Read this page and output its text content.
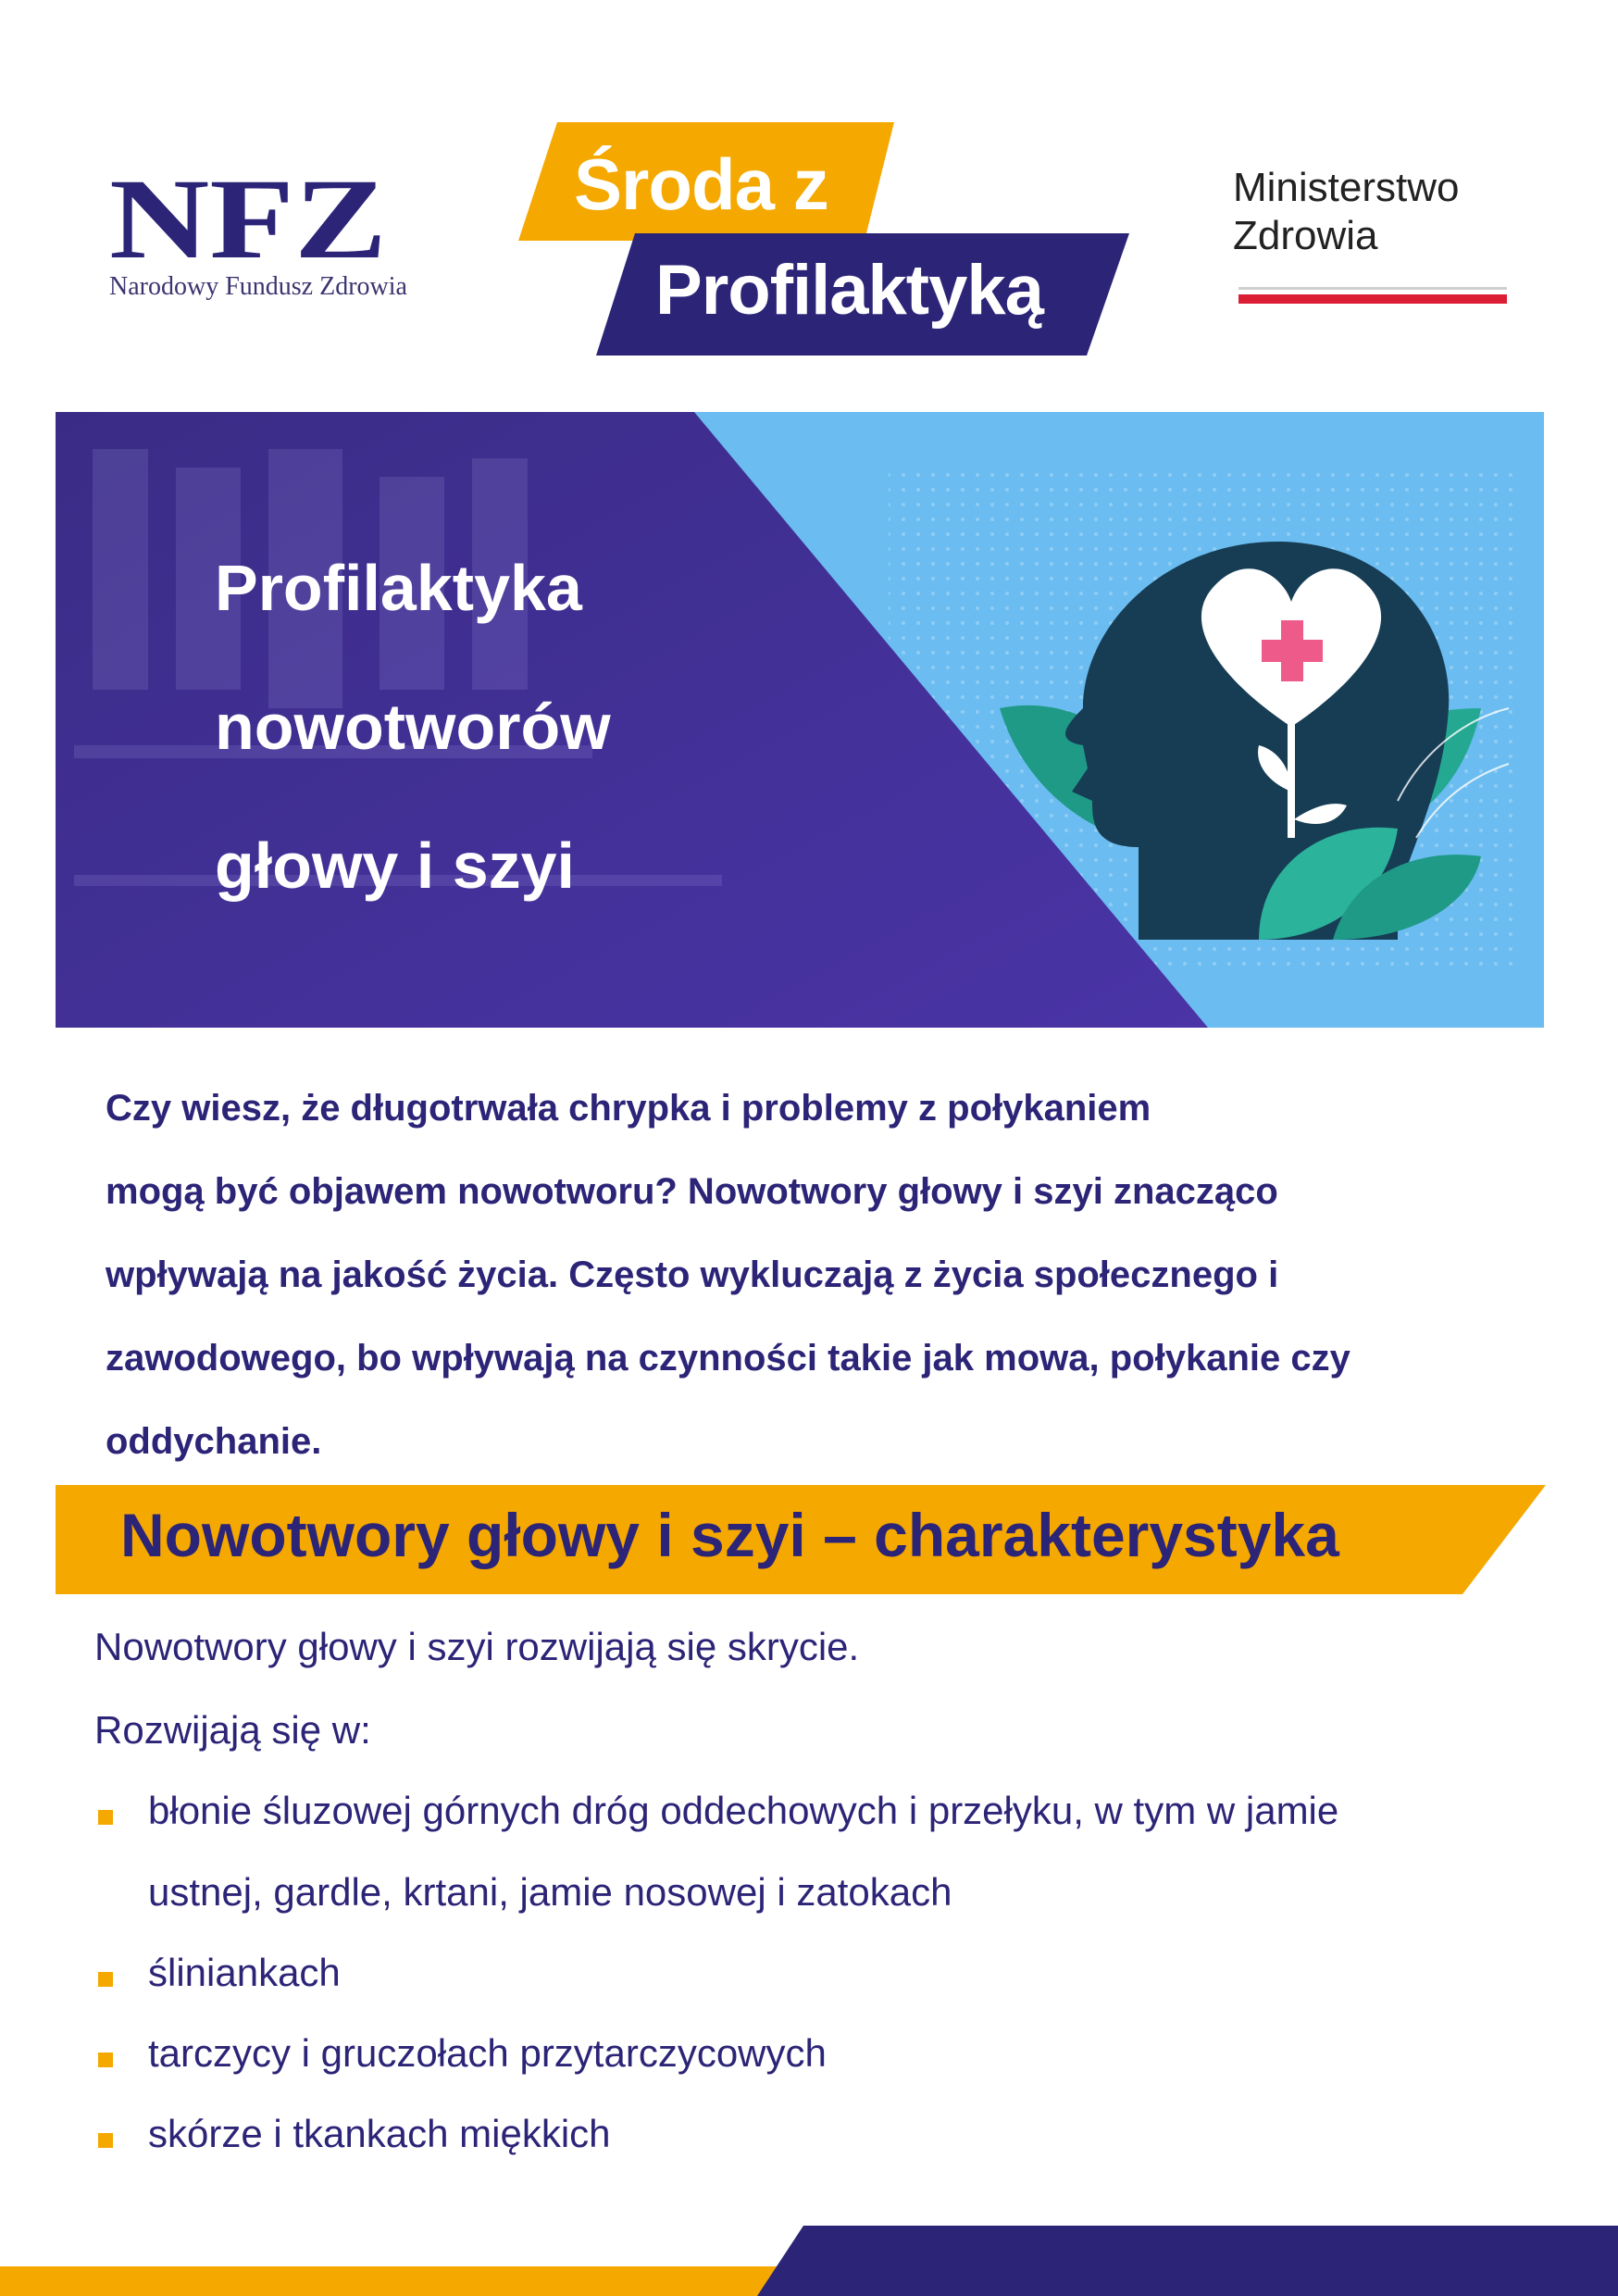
NFZ
Narodowy Fundusz Zdrowia
Środa z
Profilaktyką
Ministerstwo
Zdrowia
Profilaktyka
nowotworów
głowy i szyi
Czy wiesz, że długotrwała chrypka i problemy z połykaniem
mogą być objawem nowotworu? Nowotwory głowy i szyi znacząco
wpływają na jakość życia. Często wykluczają z życia społecznego i
zawodowego, bo wpływają na czynności takie jak mowa, połykanie czy
oddychanie.
Nowotwory głowy i szyi – charakterystyka
Nowotwory głowy i szyi rozwijają się skrycie.
Rozwijają się w:
błonie śluzowej górnych dróg oddechowych i przełyku, w tym w jamie
ustnej, gardle, krtani, jamie nosowej i zatokach
śliniankach
tarczycy i gruczołach przytarczycowych
skórze i tkankach miękkich
